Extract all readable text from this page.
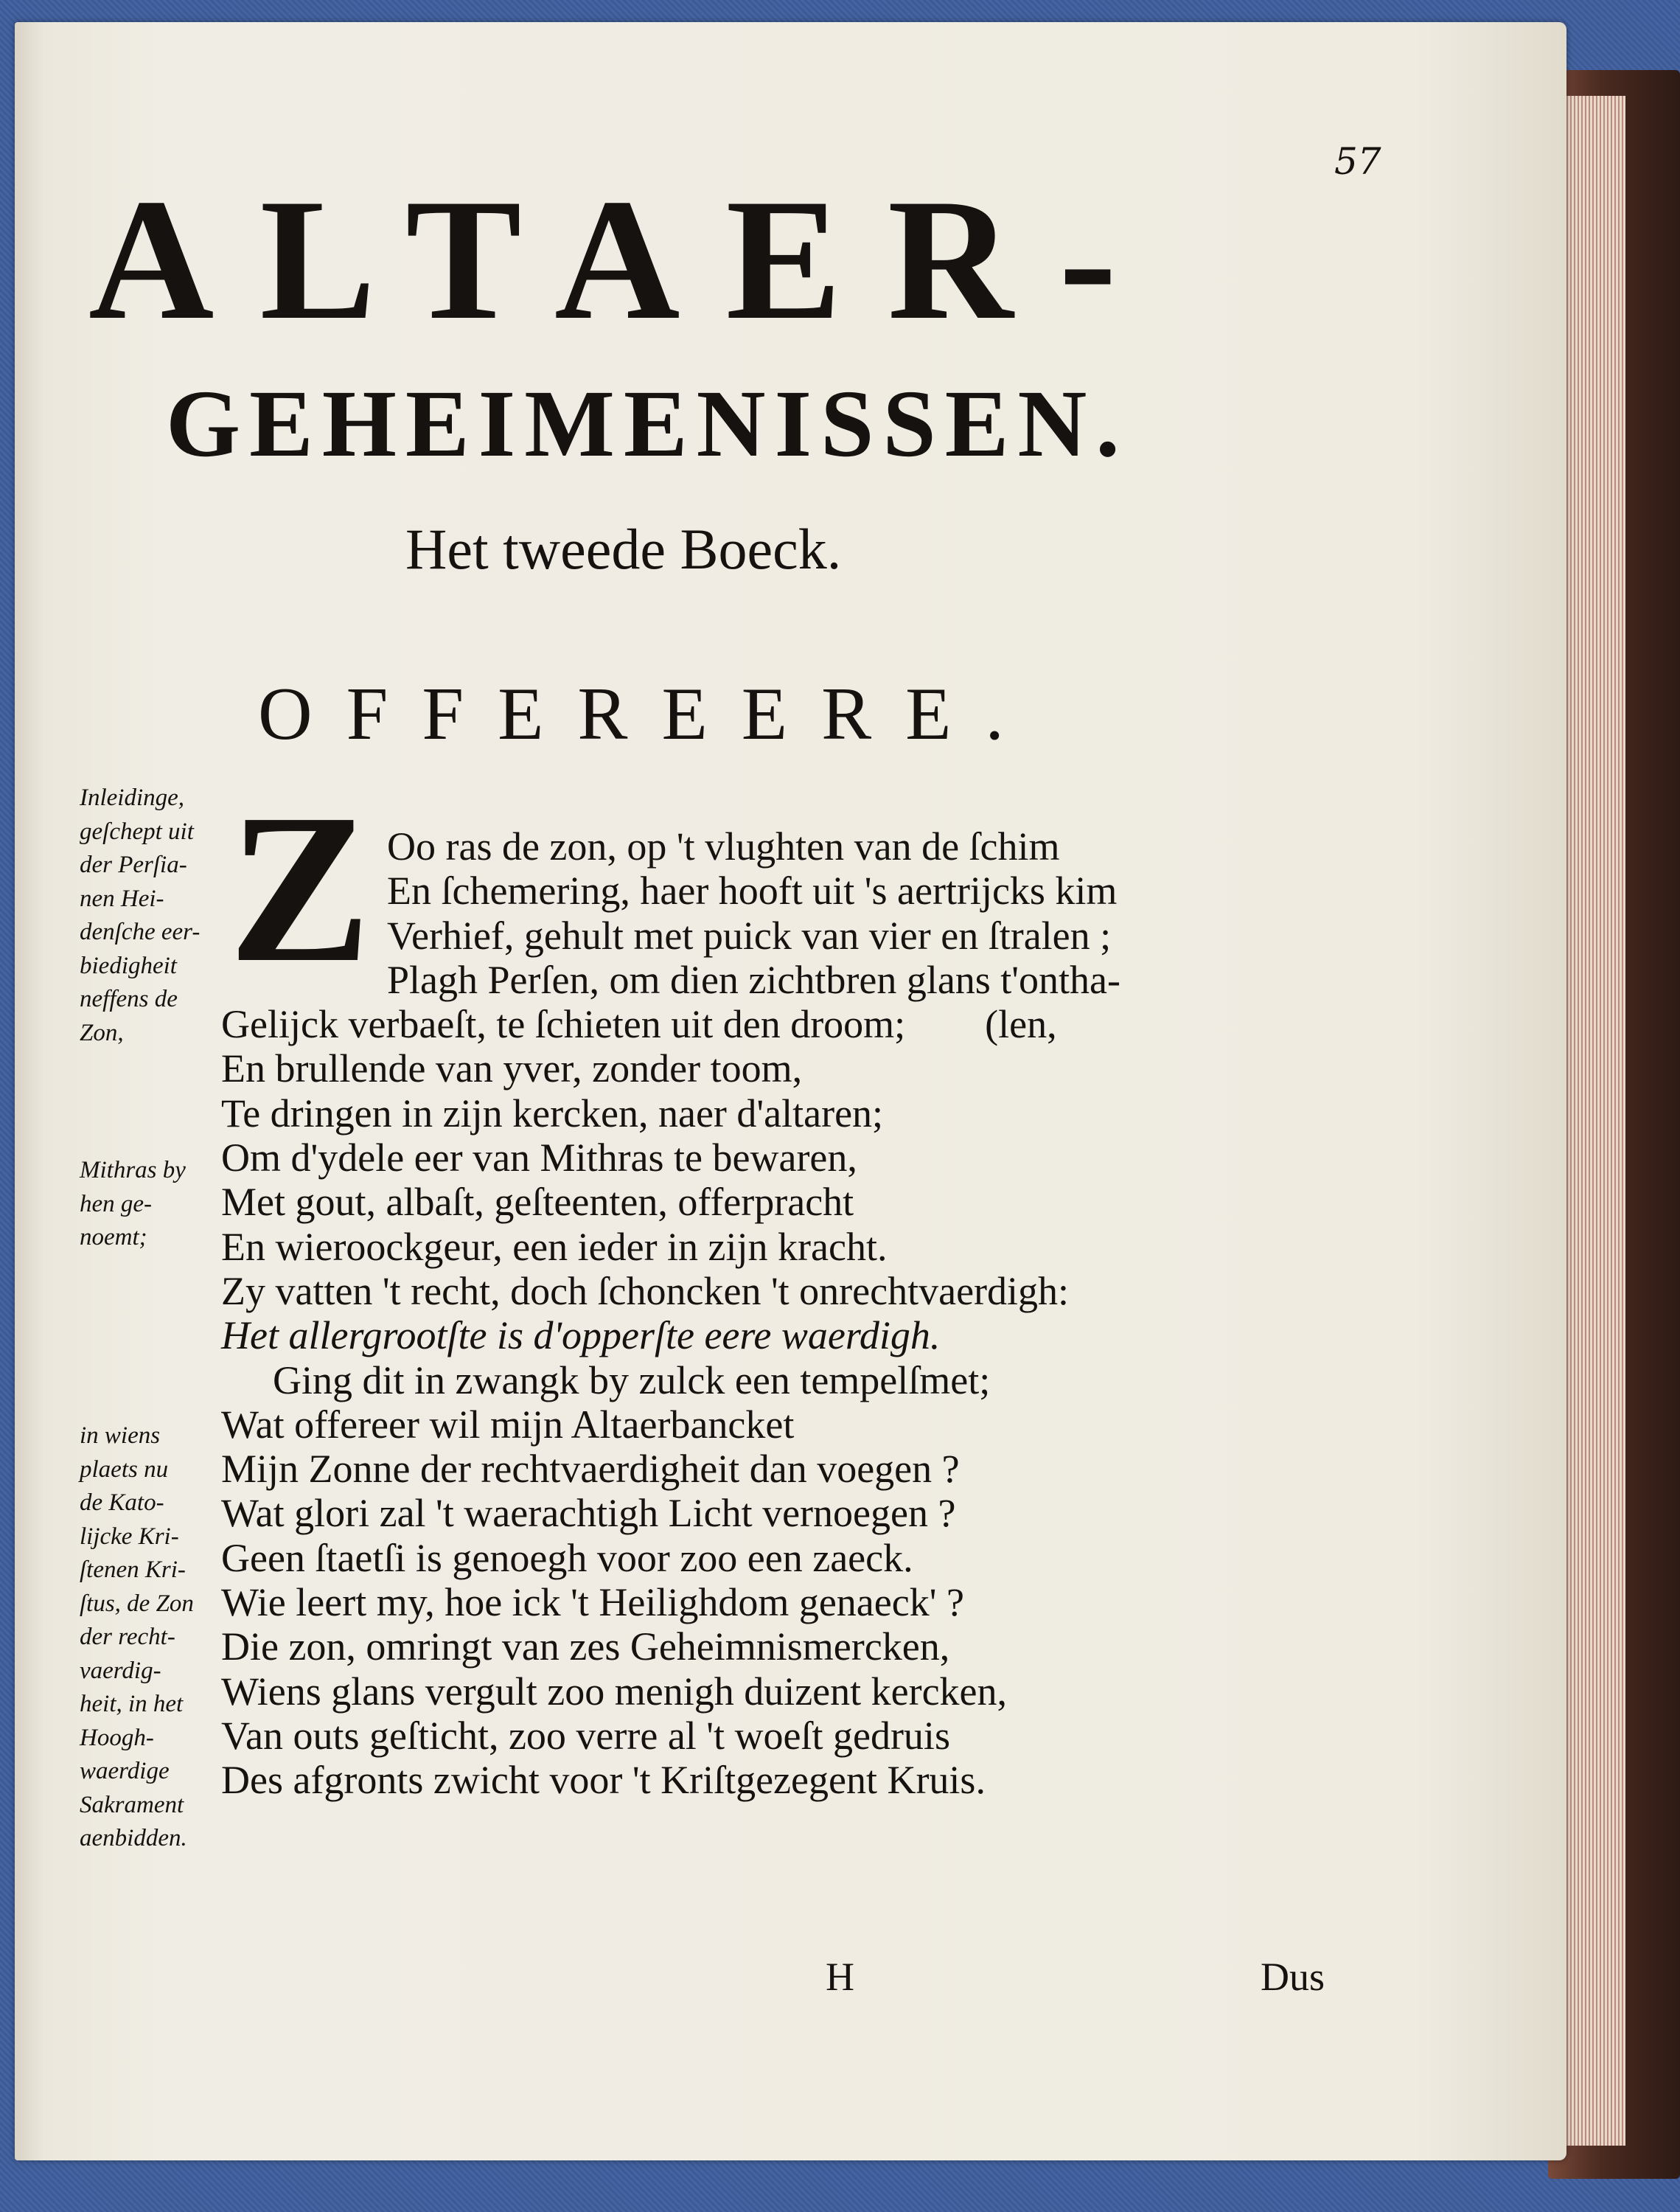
57
ALTAER-
GEHEIMENISSEN.
Het tweede Boeck.
OFFEREERE.
Z Oo ras de zon, op 't vlughten van de ſchim
En ſchemering, haer hooft uit 's aertrijcks kim
Verhief, gehult met puick van vier en ſtralen ;
Plagh Perſen, om dien zichtbren glans t'ontha-
Gelijck verbaeſt, te ſchieten uit den droom;        (len,
En brullende van yver, zonder toom,
Te dringen in zijn kercken, naer d'altaren;
Om d'ydele eer van Mithras te bewaren,
Met gout, albaſt, geſteenten, offerpracht
En wieroockgeur, een ieder in zijn kracht.
Zy vatten 't recht, doch ſchoncken 't onrechtvaerdigh:
Het allergrootſte is d'opperſte eere waerdigh.
Ging dit in zwangk by zulck een tempelſmet;
Wat offereer wil mijn Altaerbancket
Mijn Zonne der rechtvaerdigheit dan voegen ?
Wat glori zal 't waerachtigh Licht vernoegen ?
Geen ſtaetſi is genoegh voor zoo een zaeck.
Wie leert my, hoe ick 't Heilighdom genaeck' ?
Die zon, omringt van zes Geheimnismercken,
Wiens glans vergult zoo menigh duizent kercken,
Van outs geſticht, zoo verre al 't woeſt gedruis
Des afgronts zwicht voor 't Kriſtgezegent Kruis.
Inleidinge,
geſchept uit
der Perſia-
nen Hei-
denſche eer-
biedigheit
neffens de
Zon,
Mithras by
hen ge-
noemt;
in wiens
plaets nu
de Kato-
lijcke Kri-
ſtenen Kri-
ſtus, de Zon
der recht-
vaerdig-
heit, in het
Hoogh-
waerdige
Sakrament
aenbidden.
H	Dus
